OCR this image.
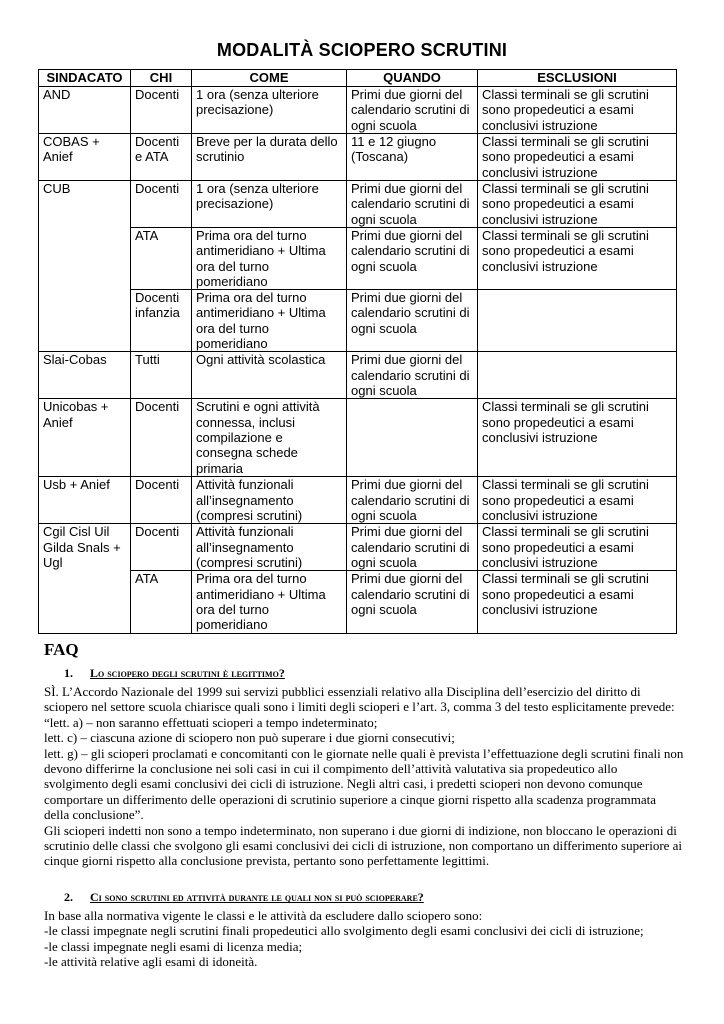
MODALITÀ SCIOPERO SCRUTINI
SINDACATO	CHI	COME	QUANDO	ESCLUSIONI
AND	Docenti	1 ora (senza ulteriore precisazione)	Primi due giorni del calendario scrutini di ogni scuola	Classi terminali se gli scrutini sono propedeutici a esami conclusivi istruzione
COBAS + Anief	Docenti e ATA	Breve per la durata dello scrutinio	11 e 12 giugno (Toscana)	Classi terminali se gli scrutini sono propedeutici a esami conclusivi istruzione
CUB	Docenti	1 ora (senza ulteriore precisazione)	Primi due giorni del calendario scrutini di ogni scuola	Classi terminali se gli scrutini sono propedeutici a esami conclusivi istruzione
	ATA	Prima ora del turno antimeridiano + Ultima ora del turno pomeridiano	Primi due giorni del calendario scrutini di ogni scuola	Classi terminali se gli scrutini sono propedeutici a esami conclusivi istruzione
	Docenti infanzia	Prima ora del turno antimeridiano + Ultima ora del turno pomeridiano	Primi due giorni del calendario scrutini di ogni scuola	
Slai-Cobas	Tutti	Ogni attività scolastica	Primi due giorni del calendario scrutini di ogni scuola	
Unicobas + Anief	Docenti	Scrutini e ogni attività connessa, inclusi compilazione e consegna schede primaria		Classi terminali se gli scrutini sono propedeutici a esami conclusivi istruzione
Usb + Anief	Docenti	Attività funzionali all’insegnamento (compresi scrutini)	Primi due giorni del calendario scrutini di ogni scuola	Classi terminali se gli scrutini sono propedeutici a esami conclusivi istruzione
Cgil Cisl Uil Gilda Snals + Ugl	Docenti	Attività funzionali all’insegnamento (compresi scrutini)	Primi due giorni del calendario scrutini di ogni scuola	Classi terminali se gli scrutini sono propedeutici a esami conclusivi istruzione
	ATA	Prima ora del turno antimeridiano + Ultima ora del turno pomeridiano	Primi due giorni del calendario scrutini di ogni scuola	Classi terminali se gli scrutini sono propedeutici a esami conclusivi istruzione
FAQ
1. Lo sciopero degli scrutini è legittimo?

SÌ. L’Accordo Nazionale del 1999 sui servizi pubblici essenziali relativo alla Disciplina dell’esercizio del diritto di sciopero nel settore scuola chiarisce quali sono i limiti degli scioperi e l’art. 3, comma 3 del testo esplicitamente prevede:

“lett. a) – non saranno effettuati scioperi a tempo indeterminato;

lett. c) – ciascuna azione di sciopero non può superare i due giorni consecutivi;

lett. g) – gli scioperi proclamati e concomitanti con le giornate nelle quali è prevista l’effettuazione degli scrutini finali non devono differirne la conclusione nei soli casi in cui il compimento dell’attività valutativa sia propedeutico allo svolgimento degli esami conclusivi dei cicli di istruzione. Negli altri casi, i predetti scioperi non devono comunque comportare un differimento delle operazioni di scrutinio superiore a cinque giorni rispetto alla scadenza programmata della conclusione”.

Gli scioperi indetti non sono a tempo indeterminato, non superano i due giorni di indizione, non bloccano le operazioni di scrutinio delle classi che svolgono gli esami conclusivi dei cicli di istruzione, non comportano un differimento superiore ai cinque giorni rispetto alla conclusione prevista, pertanto sono perfettamente legittimi.

2. Ci sono scrutini ed attività durante le quali non si può scioperare?

In base alla normativa vigente le classi e le attività da escludere dallo sciopero sono:

-le classi impegnate negli scrutini finali propedeutici allo svolgimento degli esami conclusivi dei cicli di istruzione;

-le classi impegnate negli esami di licenza media;

-le attività relative agli esami di idoneità.
